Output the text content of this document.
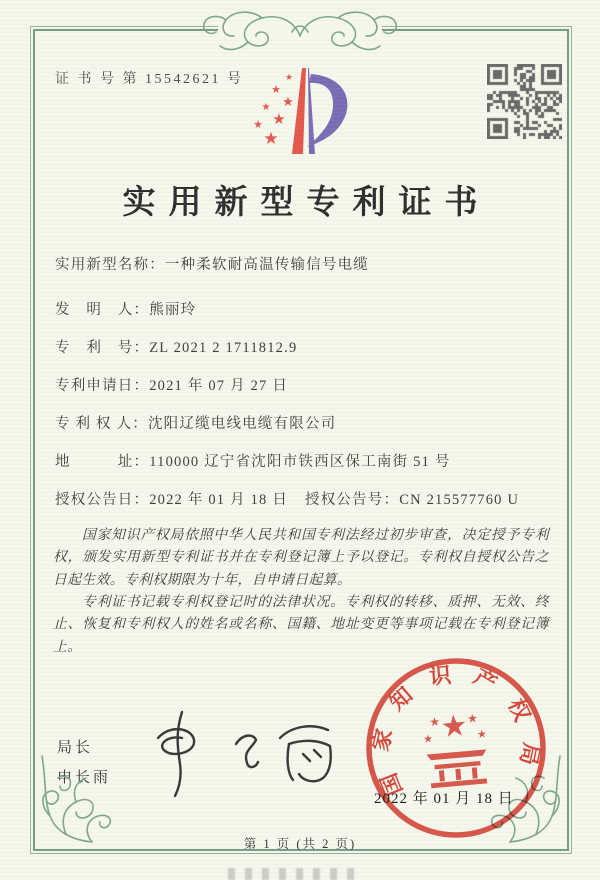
证 书 号 第 15542621 号	★
★
★
★
★
★
★
实用新型专利证书
实用新型名称：一种柔软耐高温传输信号电缆
发　明　人：熊丽玲
专　利　号：ZL 2021 2 1711812.9
专利申请日：2021 年 07 月 27 日
专 利 权 人：沈阳辽缆电线电缆有限公司
地　　　址：110000 辽宁省沈阳市铁西区保工南街 51 号
授权公告日：2022 年 01 月 18 日 授权公告号：CN 215577760 U

国家知识产权局依照中华人民共和国专利法经过初步审查，决定授予专利权，颁发实用新型专利证书并在专利登记簿上予以登记。专利权自授权公告之日起生效。专利权期限为十年，自申请日起算。

专利证书记载专利权登记时的法律状况。专利权的转移、质押、无效、终止、恢复和专利权人的姓名或名称、国籍、地址变更等事项记载在专利登记簿上。

局长
申长雨	国家知识产权局
★
★ ★
★	★
2022 年 01 月 18 日
第 1 页 (共 2 页)
